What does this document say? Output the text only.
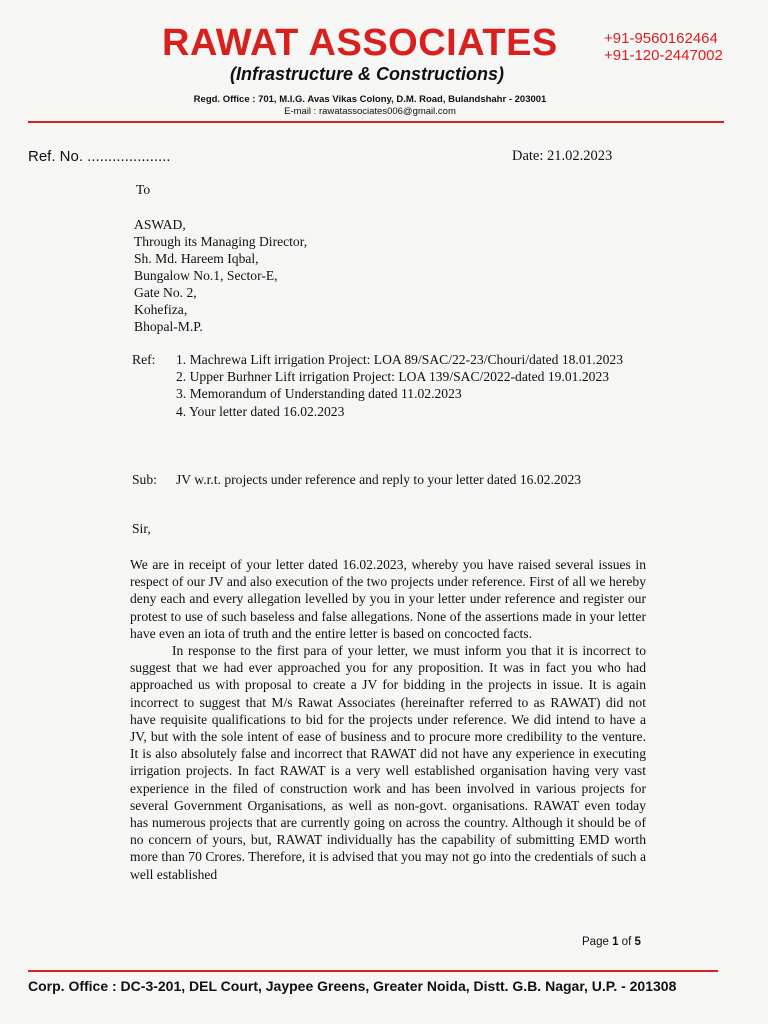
RAWAT ASSOCIATES	+91-9560162464
+91-120-2447002
(Infrastructure & Constructions)
Regd. Office : 701, M.I.G. Avas Vikas Colony, D.M. Road, Bulandshahr - 203001
E-mail : rawatassociates006@gmail.com
Ref. No. ....................	Date: 21.02.2023
To
ASWAD,
Through its Managing Director,
Sh. Md. Hareem Iqbal,
Bungalow No.1, Sector-E,
Gate No. 2,
Kohefiza,
Bhopal-M.P.
Ref: 1. Machrewa Lift irrigation Project: LOA 89/SAC/22-23/Chouri/dated 18.01.2023

2. Upper Burhner Lift irrigation Project: LOA 139/SAC/2022-dated 19.01.2023

3. Memorandum of Understanding dated 11.02.2023

4. Your letter dated 16.02.2023

Sub: JV w.r.t. projects under reference and reply to your letter dated 16.02.2023
Sir,

We are in receipt of your letter dated 16.02.2023, whereby you have raised several issues in respect of our JV and also execution of the two projects under reference. First of all we hereby deny each and every allegation levelled by you in your letter under reference and register our protest to use of such baseless and false allegations. None of the assertions made in your letter have even an iota of truth and the entire letter is based on concocted facts.

In response to the first para of your letter, we must inform you that it is incorrect to suggest that we had ever approached you for any proposition. It was in fact you who had approached us with proposal to create a JV for bidding in the projects in issue. It is again incorrect to suggest that M/s Rawat Associates (hereinafter referred to as RAWAT) did not have requisite qualifications to bid for the projects under reference. We did intend to have a JV, but with the sole intent of ease of business and to procure more credibility to the venture. It is also absolutely false and incorrect that RAWAT did not have any experience in executing irrigation projects. In fact RAWAT is a very well established organisation having very vast experience in the filed of construction work and has been involved in various projects for several Government Organisations, as well as non-govt. organisations. RAWAT even today has numerous projects that are currently going on across the country. Although it should be of no concern of yours, but, RAWAT individually has the capability of submitting EMD worth more than 70 Crores. Therefore, it is advised that you may not go into the credentials of such a well established

Page 1 of 5
Corp. Office : DC-3-201, DEL Court, Jaypee Greens, Greater Noida, Distt. G.B. Nagar, U.P. - 201308
